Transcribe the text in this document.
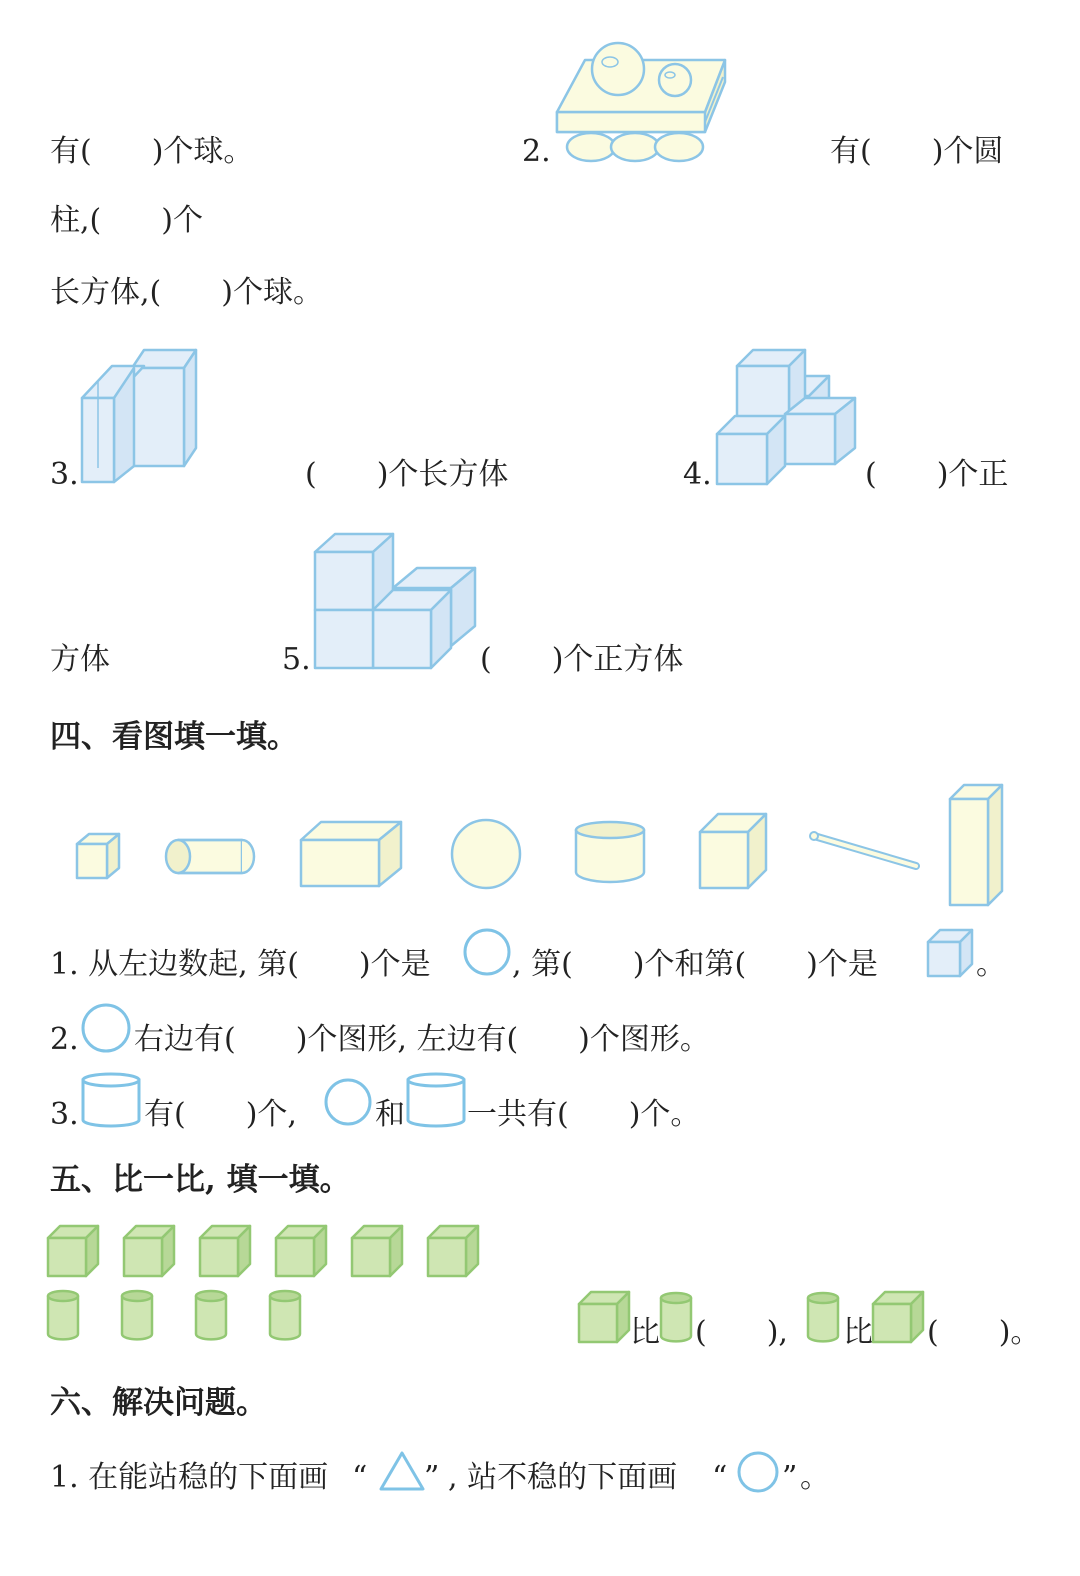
有(　　)个球。	2.	有(　　)个圆
柱,(　　)个
长方体,(　　)个球。
3.	(　　)个长方体	4.	(　　)个正
方体	5.	(　　)个正方体
四、看图填一填。
1. 从左边数起, 第(　　)个是	, 第(　　)个和第(　　)个是	。
2. 右边有(　　)个图形, 左边有(　　)个图形。
3. 有(　　)个,	和 一共有(　　)个。
五、比一比, 填一填。
比 (　　), 比 (　　)。
六、解决问题。
1. 在能站稳的下面画 “ ” , 站不稳的下面画 “ ” 。
